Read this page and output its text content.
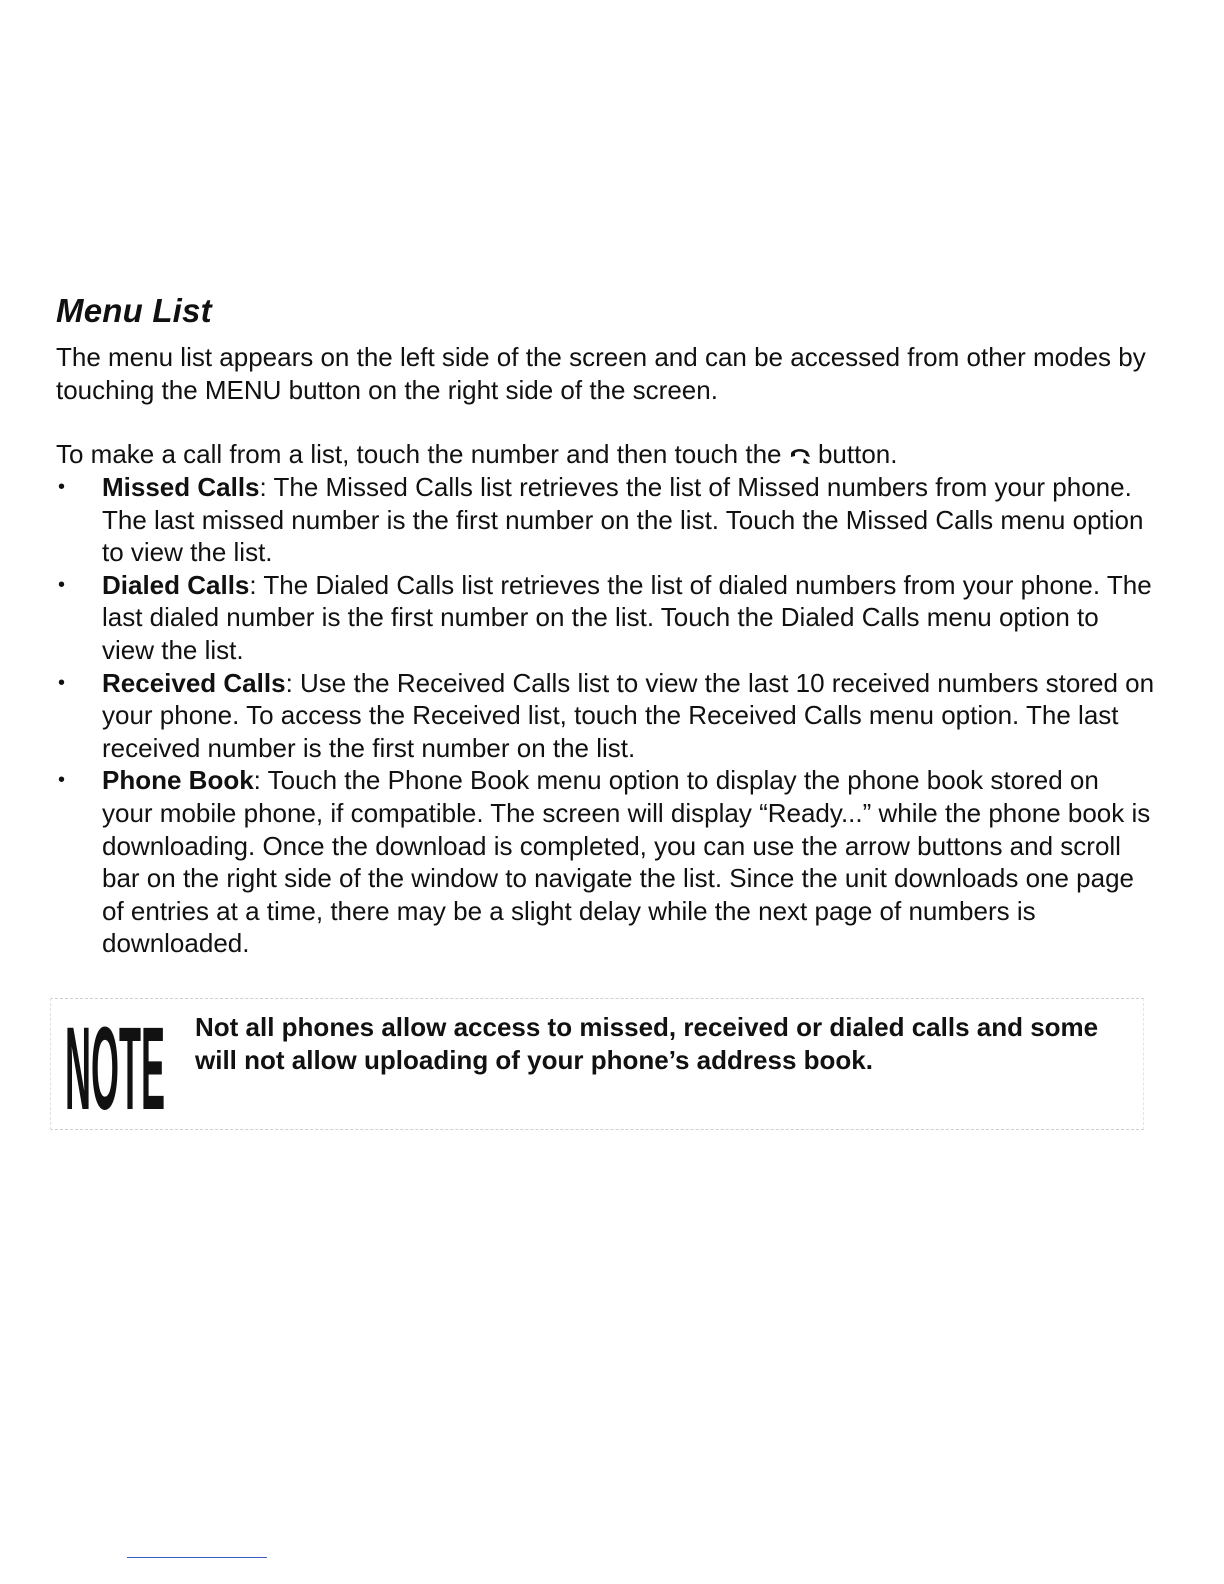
Menu List

The menu list appears on the left side of the screen and can be accessed from other modes by touching the MENU button on the right side of the screen.

To make a call from a list, touch the number and then touch the  button.

• Missed Calls: The Missed Calls list retrieves the list of Missed numbers from your phone. The last missed number is the first number on the list. Touch the Missed Calls menu option to view the list.
• Dialed Calls: The Dialed Calls list retrieves the list of dialed numbers from your phone. The last dialed number is the first number on the list. Touch the Dialed Calls menu option to view the list.
• Received Calls: Use the Received Calls list to view the last 10 received numbers stored on your phone. To access the Received list, touch the Received Calls menu option. The last received number is the first number on the list.
• Phone Book: Touch the Phone Book menu option to display the phone book stored on your mobile phone, if compatible. The screen will display “Ready...” while the phone book is downloading. Once the download is completed, you can use the arrow buttons and scroll bar on the right side of the window to navigate the list. Since the unit downloads one page of entries at a time, there may be a slight delay while the next page of numbers is downloaded.
NOTE Not all phones allow access to missed, received or dialed calls and some will not allow uploading of your phone’s address book.
